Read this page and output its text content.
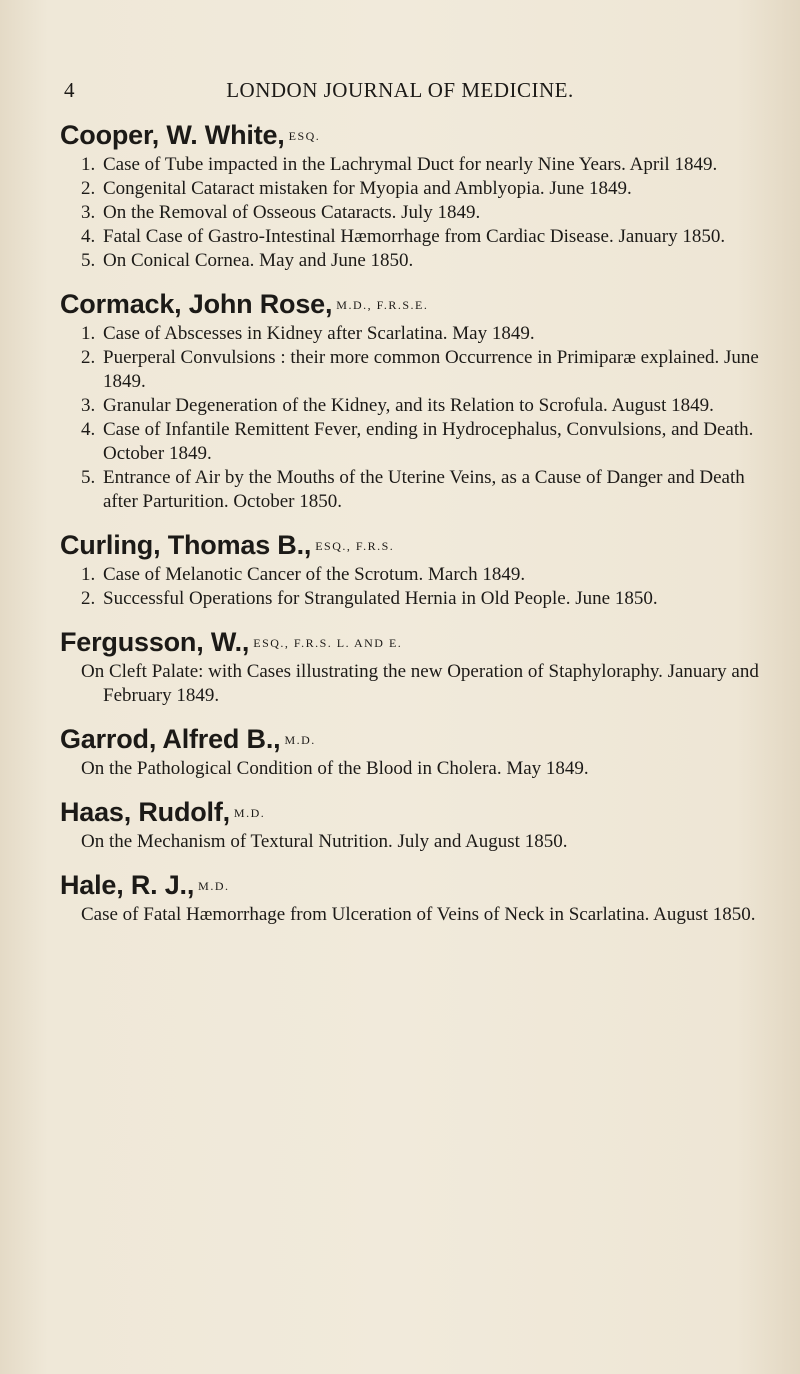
4	LONDON JOURNAL OF MEDICINE.
Cooper, W. White, ESQ.
1. Case of Tube impacted in the Lachrymal Duct for nearly Nine Years. April 1849.
2. Congenital Cataract mistaken for Myopia and Amblyopia. June 1849.
3. On the Removal of Osseous Cataracts. July 1849.
4. Fatal Case of Gastro-Intestinal Hæmorrhage from Cardiac Disease. January 1850.
5. On Conical Cornea. May and June 1850.
Cormack, John Rose, M.D., F.R.S.E.
1. Case of Abscesses in Kidney after Scarlatina. May 1849.
2. Puerperal Convulsions : their more common Occurrence in Primiparæ explained. June 1849.
3. Granular Degeneration of the Kidney, and its Relation to Scrofula. August 1849.
4. Case of Infantile Remittent Fever, ending in Hydrocephalus, Convulsions, and Death. October 1849.
5. Entrance of Air by the Mouths of the Uterine Veins, as a Cause of Danger and Death after Parturition. October 1850.
Curling, Thomas B., ESQ., F.R.S.
1. Case of Melanotic Cancer of the Scrotum. March 1849.
2. Successful Operations for Strangulated Hernia in Old People. June 1850.
Fergusson, W., ESQ., F.R.S. L. AND E.
On Cleft Palate: with Cases illustrating the new Operation of Staphyloraphy. January and February 1849.
Garrod, Alfred B., M.D.
On the Pathological Condition of the Blood in Cholera. May 1849.
Haas, Rudolf, M.D.
On the Mechanism of Textural Nutrition. July and August 1850.
Hale, R. J., M.D.
Case of Fatal Hæmorrhage from Ulceration of Veins of Neck in Scarlatina. August 1850.
